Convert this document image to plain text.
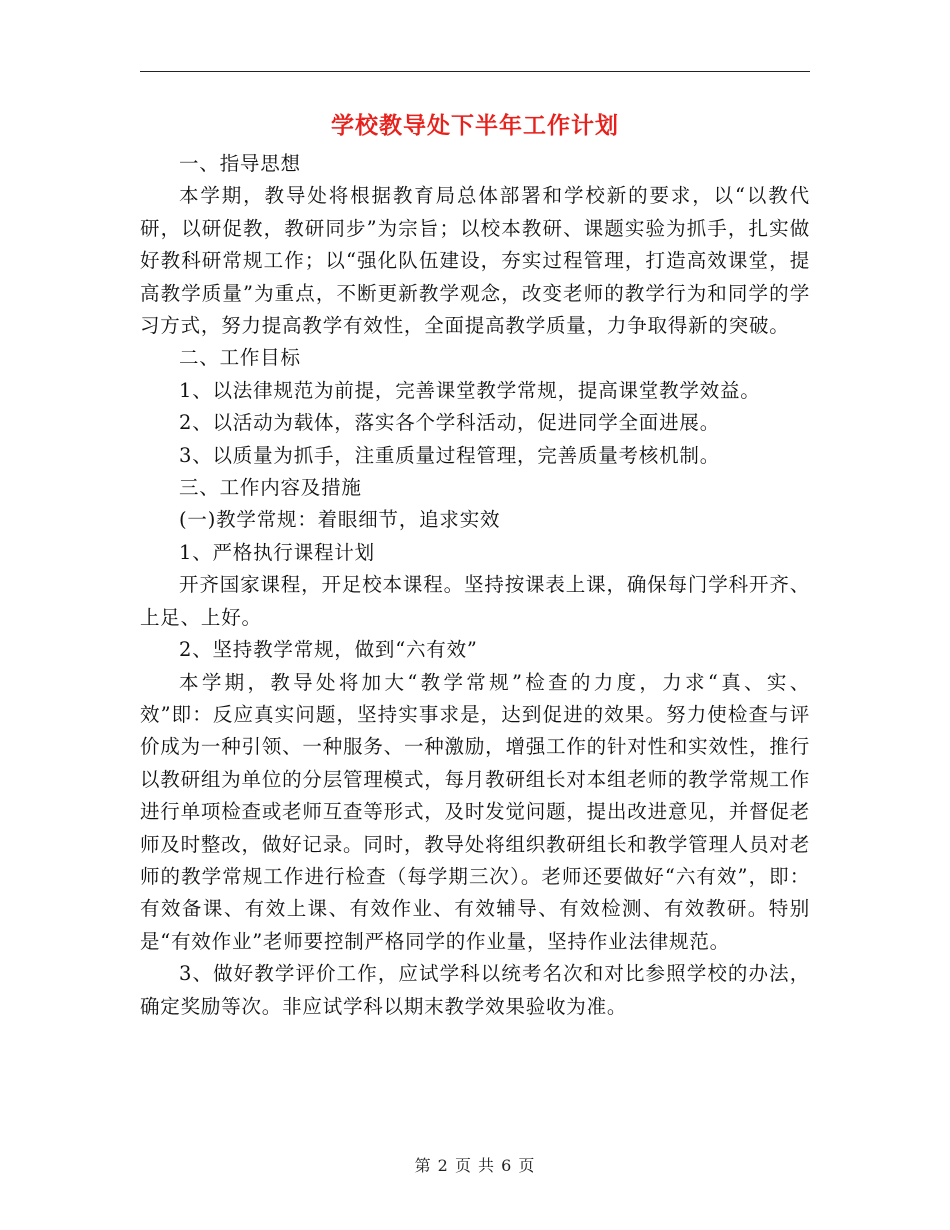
学校教导处下半年工作计划

一、指导思想

本学期，教导处将根据教育局总体部署和学校新的要求，以“以教代研，以研促教，教研同步”为宗旨；以校本教研、课题实验为抓手，扎实做好教科研常规工作；以“强化队伍建设，夯实过程管理，打造高效课堂，提高教学质量”为重点，不断更新教学观念，改变老师的教学行为和同学的学习方式，努力提高教学有效性，全面提高教学质量，力争取得新的突破。

二、工作目标

1、以法律规范为前提，完善课堂教学常规，提高课堂教学效益。

2、以活动为载体，落实各个学科活动，促进同学全面进展。

3、以质量为抓手，注重质量过程管理，完善质量考核机制。

三、工作内容及措施

(一)教学常规：着眼细节，追求实效

1、严格执行课程计划

开齐国家课程，开足校本课程。坚持按课表上课，确保每门学科开齐、上足、上好。

2、坚持教学常规，做到“六有效”

本学期，教导处将加大“教学常规”检查的力度，力求“真、实、效”即：反应真实问题，坚持实事求是，达到促进的效果。努力使检查与评价成为一种引领、一种服务、一种激励，增强工作的针对性和实效性，推行以教研组为单位的分层管理模式，每月教研组长对本组老师的教学常规工作进行单项检查或老师互查等形式，及时发觉问题，提出改进意见，并督促老师及时整改，做好记录。同时，教导处将组织教研组长和教学管理人员对老师的教学常规工作进行检查（每学期三次）。老师还要做好“六有效”，即：有效备课、有效上课、有效作业、有效辅导、有效检测、有效教研。特别是“有效作业”老师要控制严格同学的作业量，坚持作业法律规范。

3、做好教学评价工作，应试学科以统考名次和对比参照学校的办法，确定奖励等次。非应试学科以期末教学效果验收为准。

第 2 页 共 6 页
